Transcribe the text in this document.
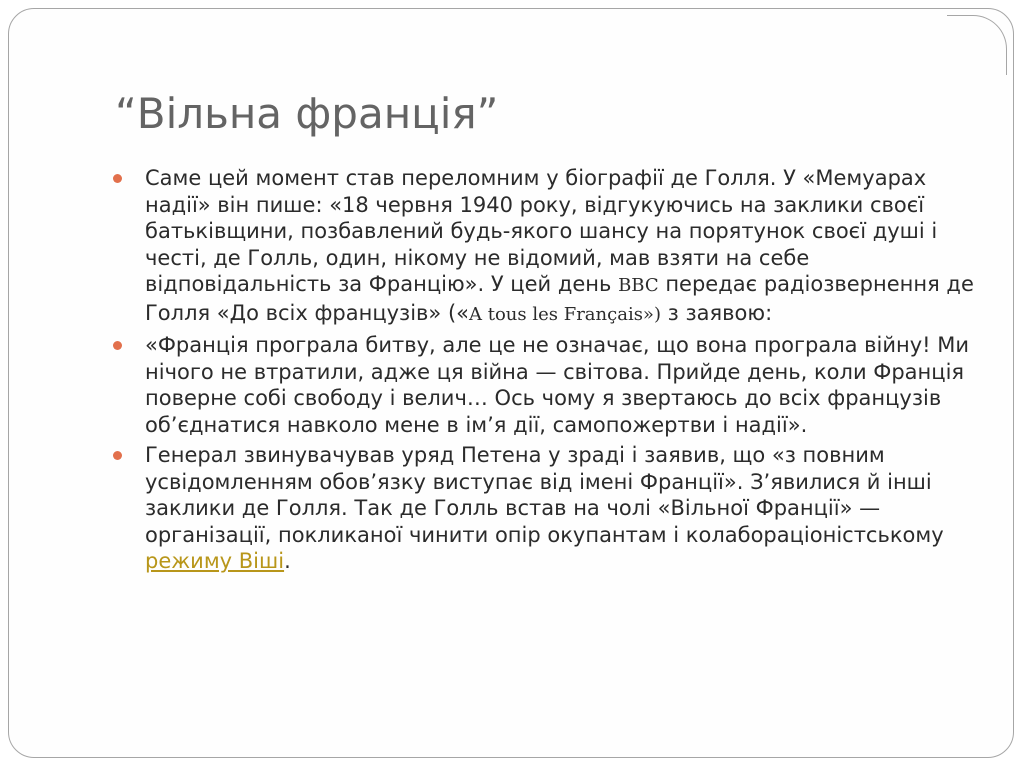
“Вільна франція”
Саме цей момент став переломним у біографії де Голля. У «Мемуарах надії» він пише: «18 червня 1940 року, відгукуючись на заклики своєї батьківщини, позбавлений будь-якого шансу на порятунок своєї душі і честі, де Голль, один, нікому не відомий, мав взяти на себе відповідальність за Францію». У цей день BBC передає радіозвернення де Голля «До всіх французів» («A tous les Français») з заявою:
«Франція програла битву, але це не означає, що вона програла війну! Ми нічого не втратили, адже ця війна — світова. Прийде день, коли Франція поверне собі свободу і велич… Ось чому я звертаюсь до всіх французів об’єднатися навколо мене в ім’я дії, самопожертви і надії».
Генерал звинувачував уряд Петена у зраді і заявив, що «з повним усвідомленням обов’язку виступає від імені Франції». З’явилися й інші заклики де Голля. Так де Голль встав на чолі «Вільної Франції» — організації, покликаної чинити опір окупантам і колабораціоністському режиму Віші.
